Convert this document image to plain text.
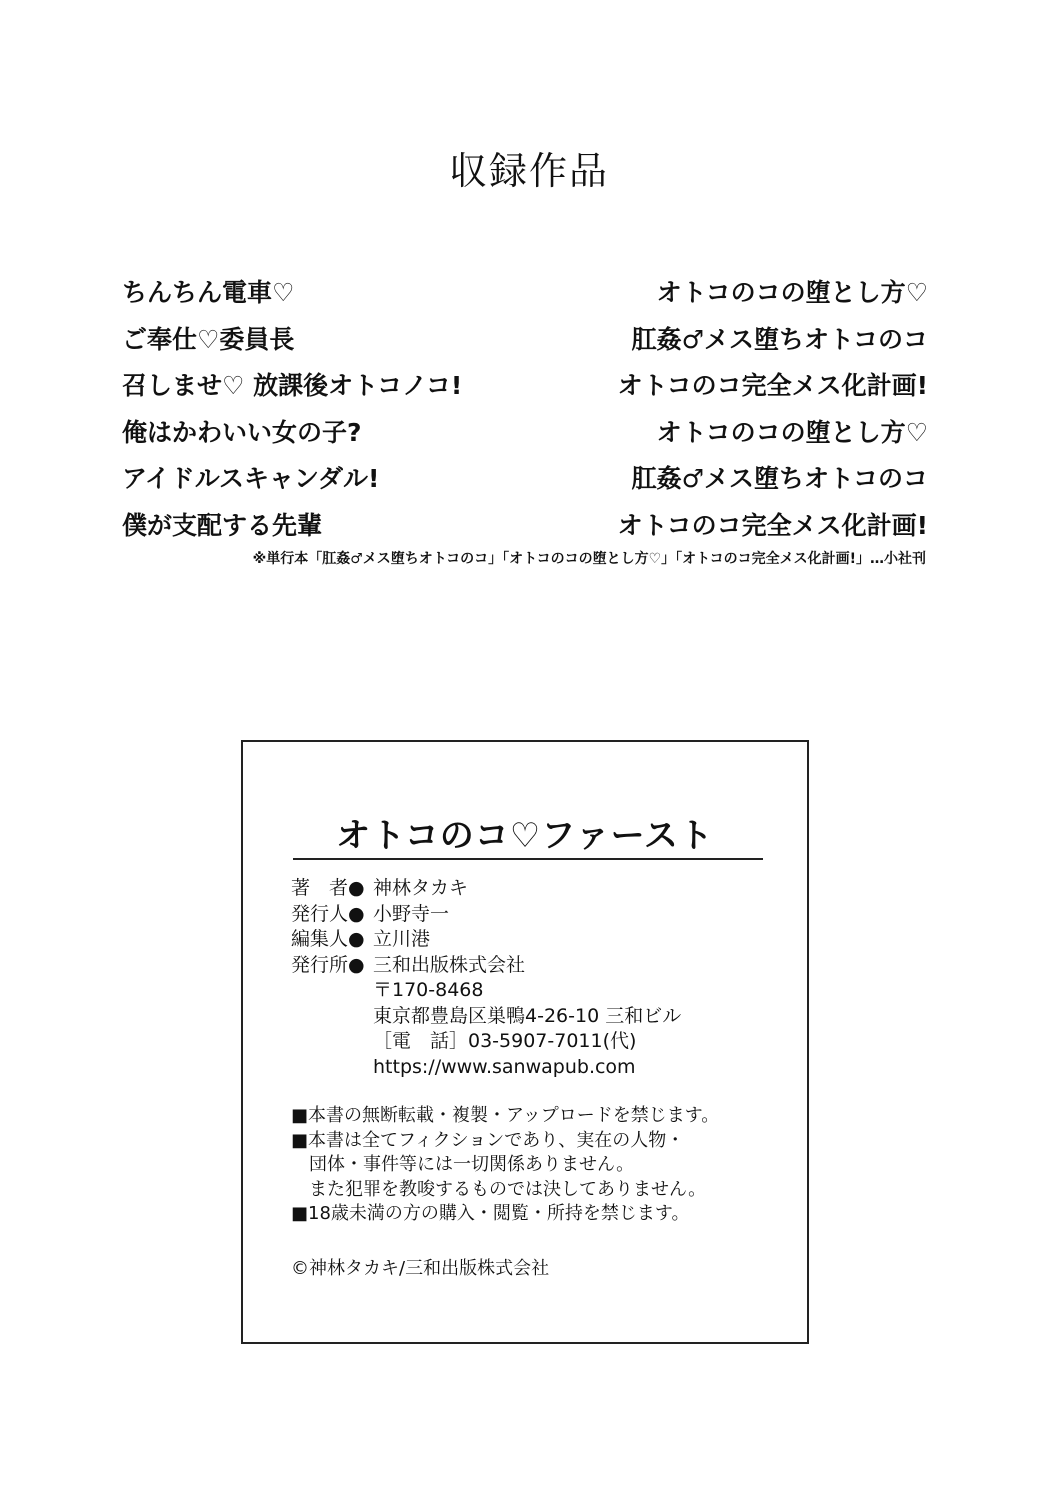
収録作品
ちんちん電車♡	オトコのコの堕とし方♡
ご奉仕♡委員長	肛姦♂メス堕ちオトコのコ
召しませ♡ 放課後オトコノコ!	オトコのコ完全メス化計画!
俺はかわいい女の子?	オトコのコの堕とし方♡
アイドルスキャンダル!	肛姦♂メス堕ちオトコのコ
僕が支配する先輩	オトコのコ完全メス化計画!
※単行本「肛姦♂メス堕ちオトコのコ」「オトコのコの堕とし方♡」「オトコのコ完全メス化計画!」…小社刊
オトコのコ♡ファースト
著　者● 神林タカキ
発行人● 小野寺一
編集人● 立川港
発行所● 三和出版株式会社
〒170-8468
東京都豊島区巣鴨4-26-10 三和ビル
［電　話］03-5907-7011(代)
https://www.sanwapub.com
■本書の無断転載・複製・アップロードを禁じます。
■本書は全てフィクションであり、実在の人物・
　団体・事件等には一切関係ありません。
　また犯罪を教唆するものでは決してありません。
■18歳未満の方の購入・閲覧・所持を禁じます。
©神林タカキ/三和出版株式会社
